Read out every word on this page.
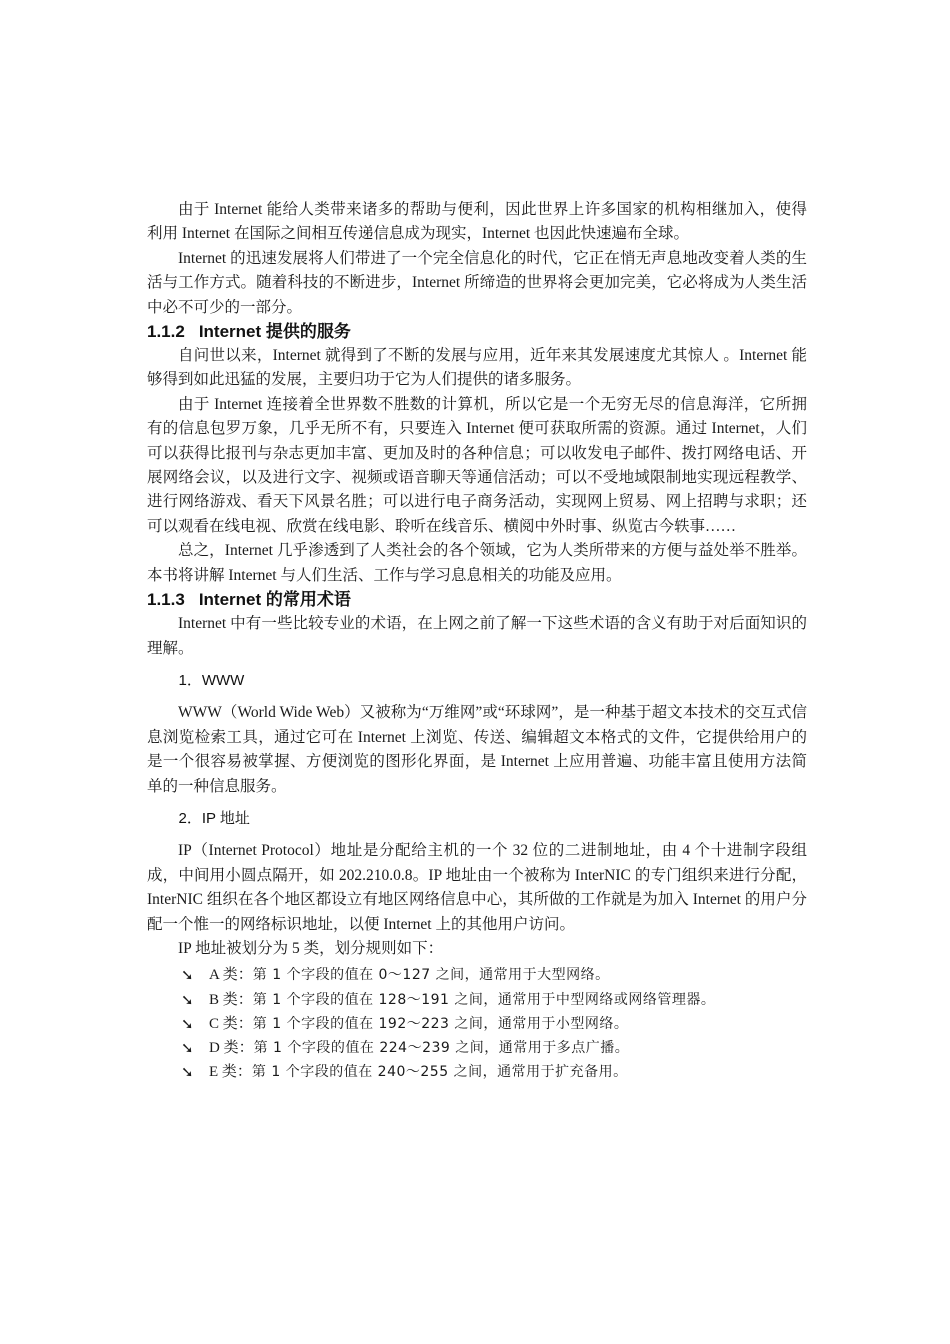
由于 Internet 能给人类带来诸多的帮助与便利，因此世界上许多国家的机构相继加入，使得利用 Internet 在国际之间相互传递信息成为现实，Internet 也因此快速遍布全球。

Internet 的迅速发展将人们带进了一个完全信息化的时代，它正在悄无声息地改变着人类的生活与工作方式。随着科技的不断进步，Internet 所缔造的世界将会更加完美，它必将成为人类生活中必不可少的一部分。

1.1.2 Internet 提供的服务

自问世以来，Internet 就得到了不断的发展与应用，近年来其发展速度尤其惊人 。Internet 能够得到如此迅猛的发展，主要归功于它为人们提供的诸多服务。

由于 Internet 连接着全世界数不胜数的计算机，所以它是一个无穷无尽的信息海洋，它所拥有的信息包罗万象，几乎无所不有，只要连入 Internet 便可获取所需的资源。通过 Internet，人们可以获得比报刊与杂志更加丰富、更加及时的各种信息；可以收发电子邮件、拨打网络电话、开展网络会议，以及进行文字、视频或语音聊天等通信活动；可以不受地域限制地实现远程教学、进行网络游戏、看天下风景名胜；可以进行电子商务活动，实现网上贸易、网上招聘与求职；还可以观看在线电视、欣赏在线电影、聆听在线音乐、横阅中外时事、纵览古今轶事……

总之，Internet 几乎渗透到了人类社会的各个领域，它为人类所带来的方便与益处举不胜举。本书将讲解 Internet 与人们生活、工作与学习息息相关的功能及应用。

1.1.3 Internet 的常用术语

Internet 中有一些比较专业的术语，在上网之前了解一下这些术语的含义有助于对后面知识的理解。

1．WWW

WWW（World Wide Web）又被称为“万维网”或“环球网”，是一种基于超文本技术的交互式信息浏览检索工具，通过它可在 Internet 上浏览、传送、编辑超文本格式的文件，它提供给用户的是一个很容易被掌握、方便浏览的图形化界面，是 Internet 上应用普遍、功能丰富且使用方法简单的一种信息服务。

2．IP 地址

IP（Internet Protocol）地址是分配给主机的一个 32 位的二进制地址，由 4 个十进制字段组成，中间用小圆点隔开，如 202.210.0.8。IP 地址由一个被称为 InterNIC 的专门组织来进行分配，InterNIC 组织在各个地区都设立有地区网络信息中心，其所做的工作就是为加入 Internet 的用户分配一个惟一的网络标识地址，以便 Internet 上的其他用户访问。

IP 地址被划分为 5 类，划分规则如下：

➘ A 类：第 1 个字段的值在 0～127 之间，通常用于大型网络。
➘ B 类：第 1 个字段的值在 128～191 之间，通常用于中型网络或网络管理器。
➘ C 类：第 1 个字段的值在 192～223 之间，通常用于小型网络。
➘ D 类：第 1 个字段的值在 224～239 之间，通常用于多点广播。
➘ E 类：第 1 个字段的值在 240～255 之间，通常用于扩充备用。
